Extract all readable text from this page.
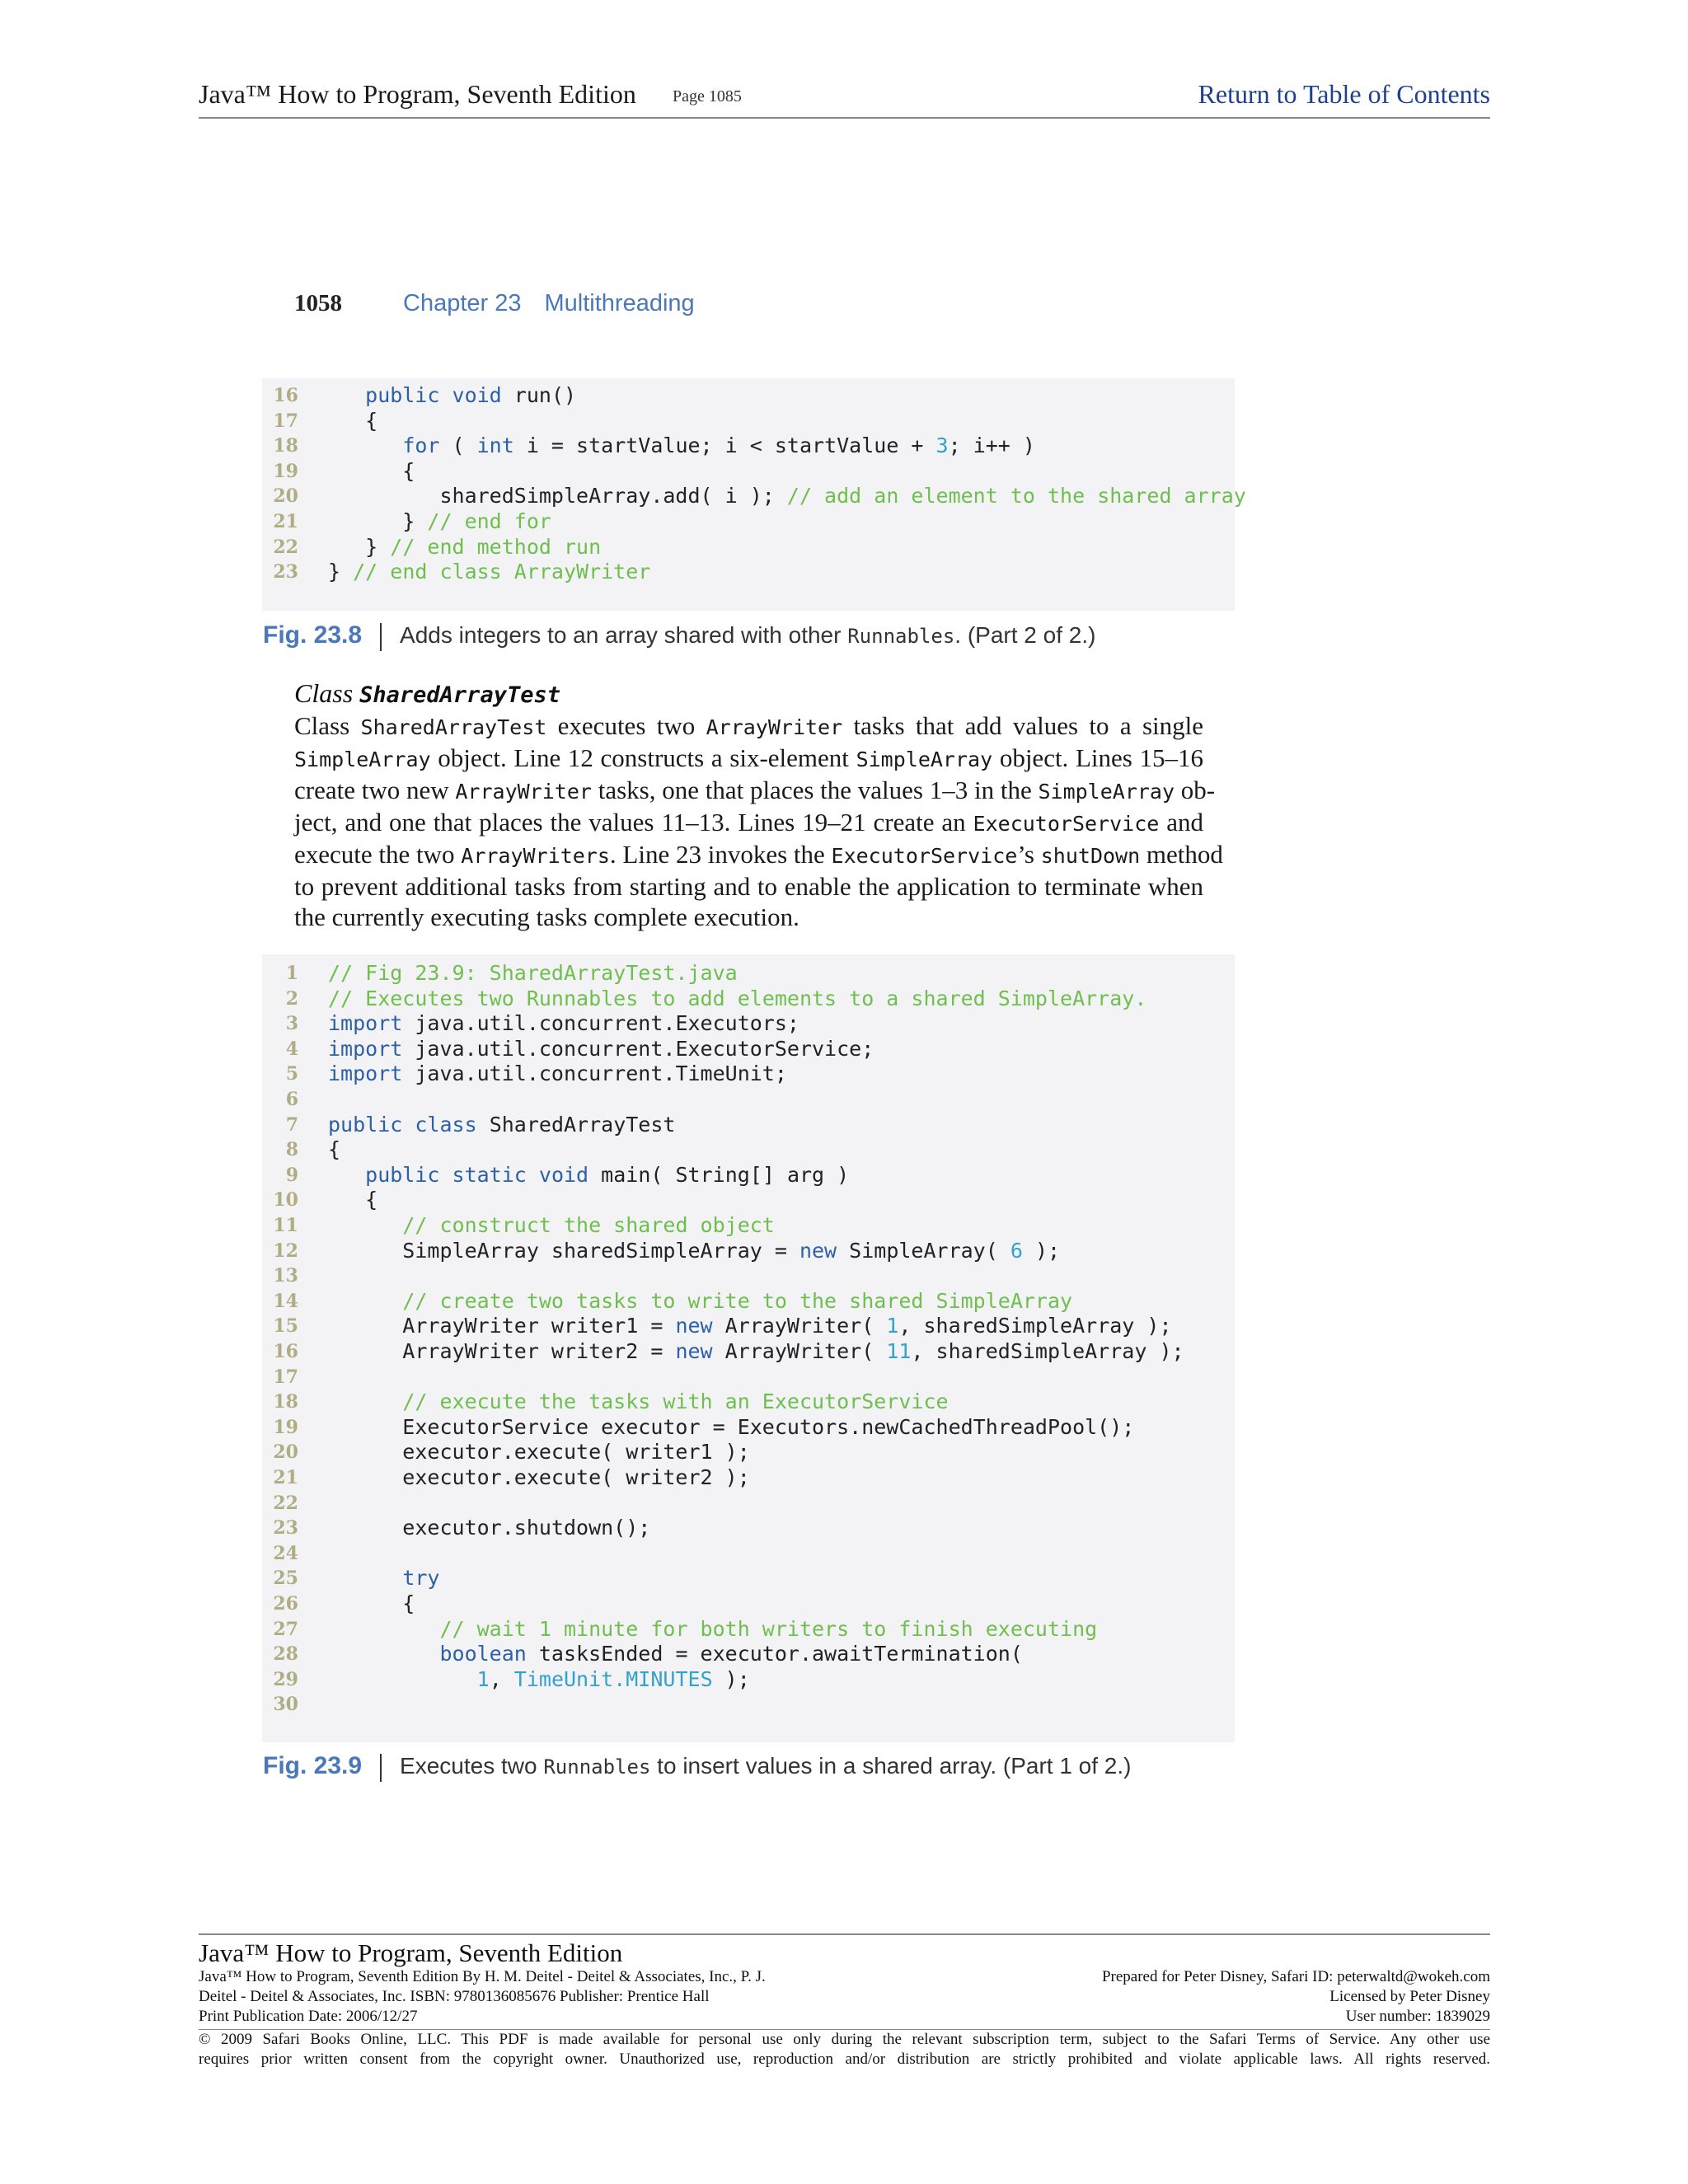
Java™ How to Program, Seventh Edition Page 1085	Return to Table of Contents
1058	Chapter 23 Multithreading
16	public void run()
17 {
18	for ( int i = startValue; i < startValue + 3; i++ )
19 {
20 sharedSimpleArray.add( i ); // add an element to the shared array
21 } // end for
22 } // end method run
23 } // end class ArrayWriter
Fig. 23.8 Adds integers to an array shared with other Runnables. (Part 2 of 2.)
Class SharedArrayTest
Class SharedArrayTest executes two ArrayWriter tasks that add values to a single
SimpleArray object. Line 12 constructs a six-element SimpleArray object. Lines 15–16
create two new ArrayWriter tasks, one that places the values 1–3 in the SimpleArray ob-
ject, and one that places the values 11–13. Lines 19–21 create an ExecutorService and
execute the two ArrayWriters. Line 23 invokes the ExecutorService’s shutDown method
to prevent additional tasks from starting and to enable the application to terminate when
the currently executing tasks complete execution.
1 // Fig 23.9: SharedArrayTest.java
2 // Executes two Runnables to add elements to a shared SimpleArray.
3 import java.util.concurrent.Executors;
4 import java.util.concurrent.ExecutorService;
5 import java.util.concurrent.TimeUnit;
6
7 public class SharedArrayTest
8 {
9	public static void main( String[] arg )
10 {
11	// construct the shared object
12 SimpleArray sharedSimpleArray = new SimpleArray( 6 );
13
14	// create two tasks to write to the shared SimpleArray
15 ArrayWriter writer1 = new ArrayWriter( 1, sharedSimpleArray );
16 ArrayWriter writer2 = new ArrayWriter( 11, sharedSimpleArray );
17
18	// execute the tasks with an ExecutorService
19 ExecutorService executor = Executors.newCachedThreadPool();
20 executor.execute( writer1 );
21 executor.execute( writer2 );
22
23 executor.shutdown();
24
25	try
26 {
27	// wait 1 minute for both writers to finish executing
28	boolean tasksEnded = executor.awaitTermination(
29	1, TimeUnit.MINUTES );
30
Fig. 23.9 Executes two Runnables to insert values in a shared array. (Part 1 of 2.)
Java™ How to Program, Seventh Edition
Java™ How to Program, Seventh Edition By H. M. Deitel - Deitel & Associates, Inc., P. J.	Prepared for Peter Disney, Safari ID: peterwaltd@wokeh.com
Deitel - Deitel & Associates, Inc. ISBN: 9780136085676 Publisher: Prentice Hall	Licensed by Peter Disney
Print Publication Date: 2006/12/27	User number: 1839029
© 2009 Safari Books Online, LLC. This PDF is made available for personal use only during the relevant subscription term, subject to the Safari Terms of Service. Any other use
requires prior written consent from the copyright owner. Unauthorized use, reproduction and/or distribution are strictly prohibited and violate applicable laws. All rights reserved.
